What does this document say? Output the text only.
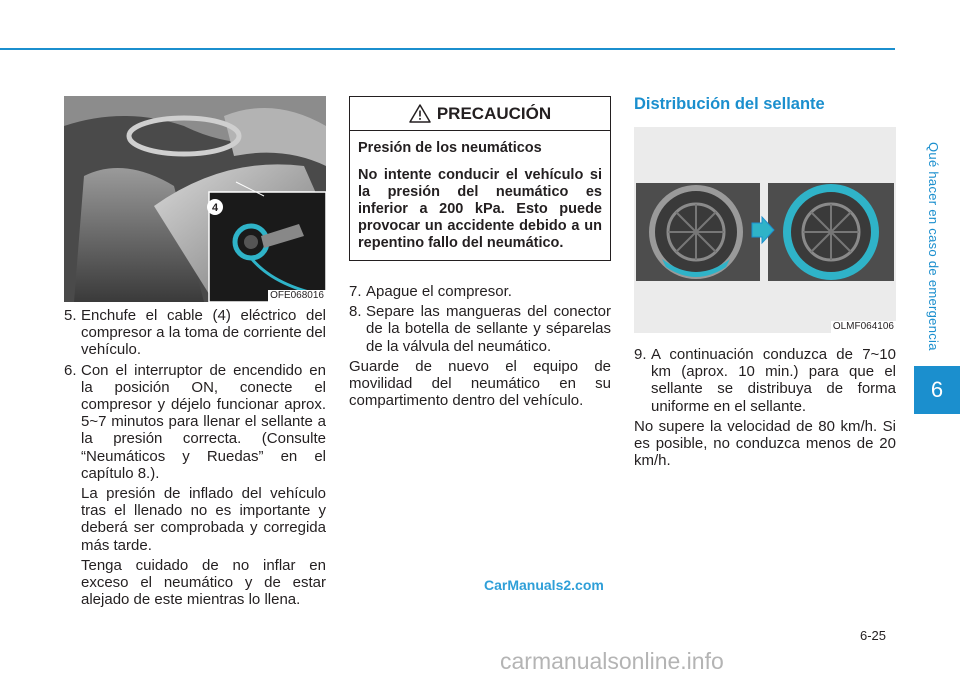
Qué hacer en caso de emergencia
6
4
OFE068016
5. Enchufe el cable (4) eléctrico del compresor a la toma de corriente del vehículo.
6. Con el interruptor de encendido en la posición ON, conecte el compresor y déjelo funcionar aprox. 5~7 minutos para llenar el sellante a la presión correcta. (Consulte “Neumáticos y Ruedas” en el capítulo 8.).

La presión de inflado del vehículo tras el llenado no es importante y deberá ser comprobada y corregida más tarde.

Tenga cuidado de no inflar en exceso el neumático y de estar alejado de este mientras lo llena.

PRECAUCIÓN
Presión de los neumáticos
No intente conducir el vehículo si la presión del neumático es inferior a 200 kPa. Esto puede provocar un accidente debido a un repentino fallo del neumático.
7. Apague el compresor.
8. Separe las mangueras del conector de la botella de sellante y séparelas de la válvula del neumático.

Guarde de nuevo el equipo de movilidad del neumático en su compartimento dentro del vehículo.

Distribución del sellante
OLMF064106
9. A continuación conduzca de 7~10 km (aprox. 10 min.) para que el sellante se distribuya de forma uniforme en el sellante.

No supere la velocidad de 80 km/h. Si es posible, no conduzca menos de 20 km/h.

6-25
CarManuals2.com
carmanualsonline.info
